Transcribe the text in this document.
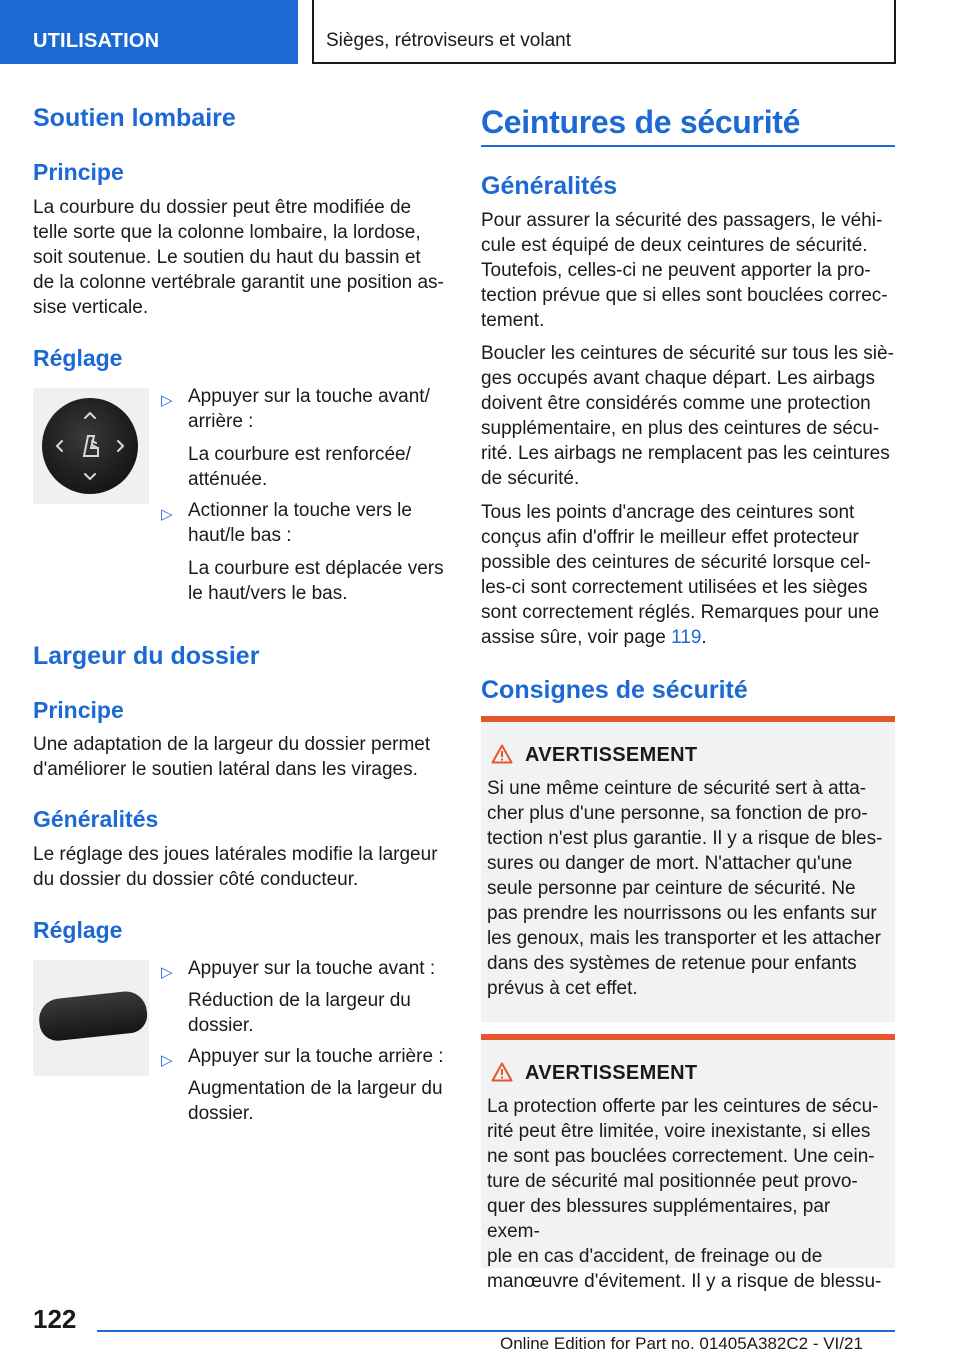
UTILISATION	Sièges, rétroviseurs et volant
Soutien lombaire
Principe
La courbure du dossier peut être modifiée de
telle sorte que la colonne lombaire, la lordose,
soit soutenue. Le soutien du haut du bassin et
de la colonne vertébrale garantit une position as-
sise verticale.
Réglage
▷ Appuyer sur la touche avant/
arrière :
La courbure est renforcée/
atténuée.
▷ Actionner la touche vers le
haut/le bas :
La courbure est déplacée vers
le haut/vers le bas.
Largeur du dossier
Principe
Une adaptation de la largeur du dossier permet
d'améliorer le soutien latéral dans les virages.
Généralités
Le réglage des joues latérales modifie la largeur
du dossier du dossier côté conducteur.
Réglage
▷ Appuyer sur la touche avant :
Réduction de la largeur du
dossier.
▷ Appuyer sur la touche arrière :
Augmentation de la largeur du
dossier.
Ceintures de sécurité
Généralités
Pour assurer la sécurité des passagers, le véhi-
cule est équipé de deux ceintures de sécurité.
Toutefois, celles-ci ne peuvent apporter la pro-
tection prévue que si elles sont bouclées correc-
tement.
Boucler les ceintures de sécurité sur tous les siè-
ges occupés avant chaque départ. Les airbags
doivent être considérés comme une protection
supplémentaire, en plus des ceintures de sécu-
rité. Les airbags ne remplacent pas les ceintures
de sécurité.
Tous les points d'ancrage des ceintures sont
conçus afin d'offrir le meilleur effet protecteur
possible des ceintures de sécurité lorsque cel-
les-ci sont correctement utilisées et les sièges
sont correctement réglés. Remarques pour une
assise sûre, voir page 119.
Consignes de sécurité
AVERTISSEMENT
Si une même ceinture de sécurité sert à atta-
cher plus d'une personne, sa fonction de pro-
tection n'est plus garantie. Il y a risque de bles-
sures ou danger de mort. N'attacher qu'une
seule personne par ceinture de sécurité. Ne
pas prendre les nourrissons ou les enfants sur
les genoux, mais les transporter et les attacher
dans des systèmes de retenue pour enfants
prévus à cet effet.
AVERTISSEMENT
La protection offerte par les ceintures de sécu-
rité peut être limitée, voire inexistante, si elles
ne sont pas bouclées correctement. Une cein-
ture de sécurité mal positionnée peut provo-
quer des blessures supplémentaires, par exem-
ple en cas d'accident, de freinage ou de
manœuvre d'évitement. Il y a risque de blessu-
122
Online Edition for Part no. 01405A382C2 - VI/21
